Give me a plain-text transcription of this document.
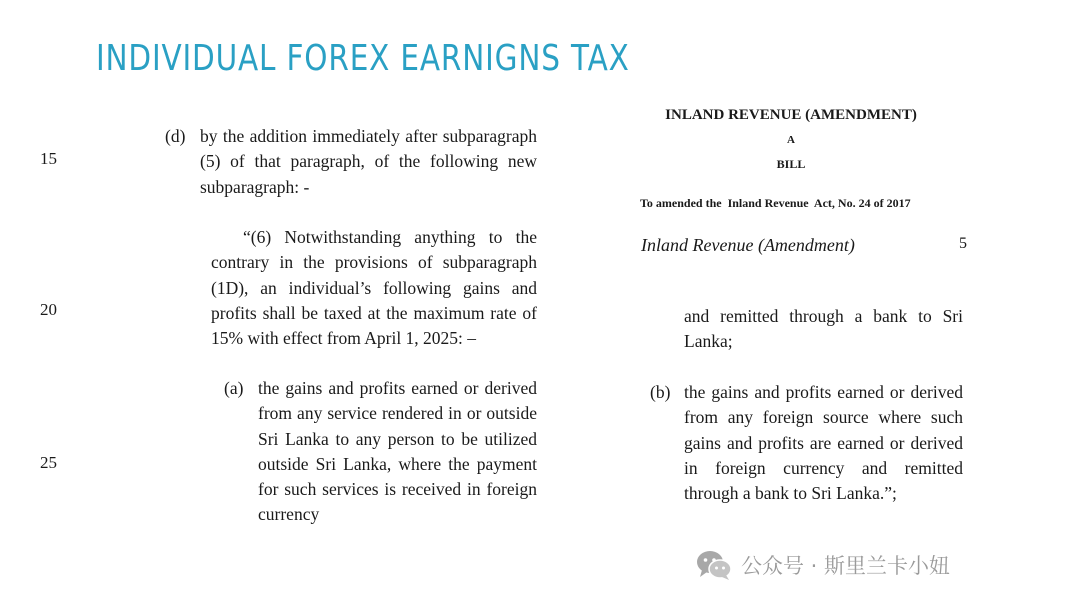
INDIVIDUAL FOREX EARNIGNS TAX
15
20
25
(d) by the addition immediately after subparagraph (5) of that paragraph, of the following new subparagraph: -
“(6) Notwithstanding anything to the contrary in the provisions of subparagraph (1D), an individual’s following gains and profits shall be taxed at the maximum rate of 15% with effect from April 1, 2025: –
(a) the gains and profits earned or derived from any service rendered in or outside Sri Lanka to any person to be utilized outside Sri Lanka, where the payment for such services is received in foreign currency
INLAND REVENUE (AMENDMENT)
A
BILL
To amended the  Inland Revenue  Act, No. 24 of 2017
Inland Revenue (Amendment)	5
and remitted through a bank to Sri Lanka;
(b) the gains and profits earned or derived from any foreign source where such gains and profits are earned or derived in foreign currency and remitted through a bank to Sri Lanka.”;
公众号 · 斯里兰卡小妞
